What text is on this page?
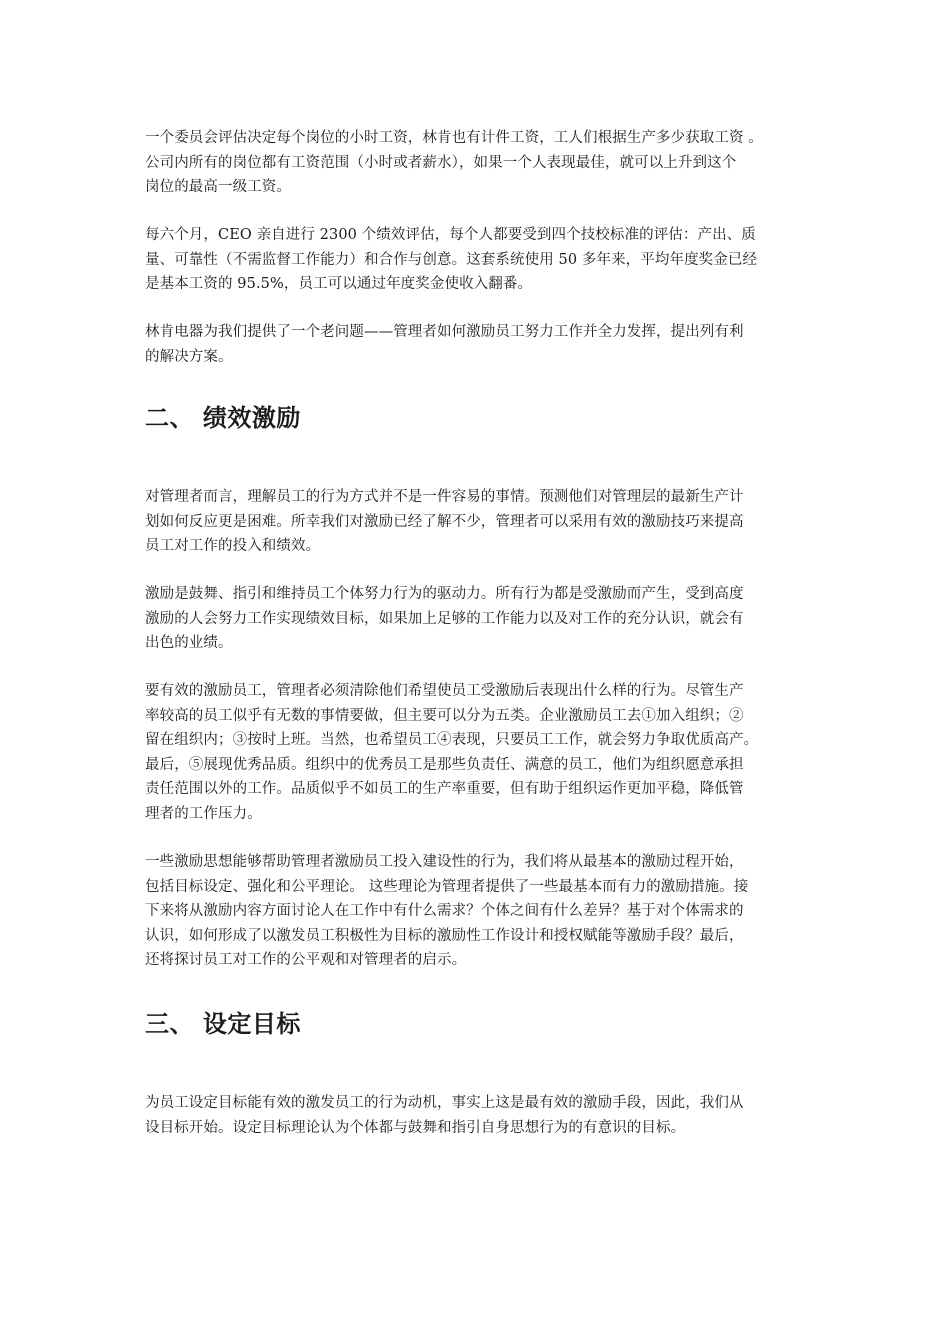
一个委员会评估决定每个岗位的小时工资，林肯也有计件工资，工人们根据生产多少获取工资 。
公司内所有的岗位都有工资范围（小时或者薪水），如果一个人表现最佳，就可以上升到这个
岗位的最高一级工资。

每六个月，CEO 亲自进行 2300 个绩效评估，每个人都要受到四个技校标准的评估：产出、质
量、可靠性（不需监督工作能力）和合作与创意。这套系统使用 50 多年来，平均年度奖金已经
是基本工资的 95.5%，员工可以通过年度奖金使收入翻番。

林肯电器为我们提供了一个老问题——管理者如何激励员工努力工作并全力发挥，提出列有利
的解决方案。

二、 绩效激励

对管理者而言，理解员工的行为方式并不是一件容易的事情。预测他们对管理层的最新生产计
划如何反应更是困难。所幸我们对激励已经了解不少，管理者可以采用有效的激励技巧来提高
员工对工作的投入和绩效。

激励是鼓舞、指引和维持员工个体努力行为的驱动力。所有行为都是受激励而产生，受到高度
激励的人会努力工作实现绩效目标，如果加上足够的工作能力以及对工作的充分认识，就会有
出色的业绩。

要有效的激励员工，管理者必须清除他们希望使员工受激励后表现出什么样的行为。尽管生产
率较高的员工似乎有无数的事情要做，但主要可以分为五类。企业激励员工去①加入组织；②
留在组织内；③按时上班。当然，也希望员工④表现，只要员工工作，就会努力争取优质高产。
最后，⑤展现优秀品质。组织中的优秀员工是那些负责任、满意的员工，他们为组织愿意承担
责任范围以外的工作。品质似乎不如员工的生产率重要，但有助于组织运作更加平稳，降低管
理者的工作压力。

一些激励思想能够帮助管理者激励员工投入建设性的行为，我们将从最基本的激励过程开始，
包括目标设定、强化和公平理论。 这些理论为管理者提供了一些最基本而有力的激励措施。接
下来将从激励内容方面讨论人在工作中有什么需求？个体之间有什么差异？基于对个体需求的
认识，如何形成了以激发员工积极性为目标的激励性工作设计和授权赋能等激励手段？最后，
还将探讨员工对工作的公平观和对管理者的启示。

三、 设定目标

为员工设定目标能有效的激发员工的行为动机，事实上这是最有效的激励手段，因此，我们从
设目标开始。设定目标理论认为个体都与鼓舞和指引自身思想行为的有意识的目标。
